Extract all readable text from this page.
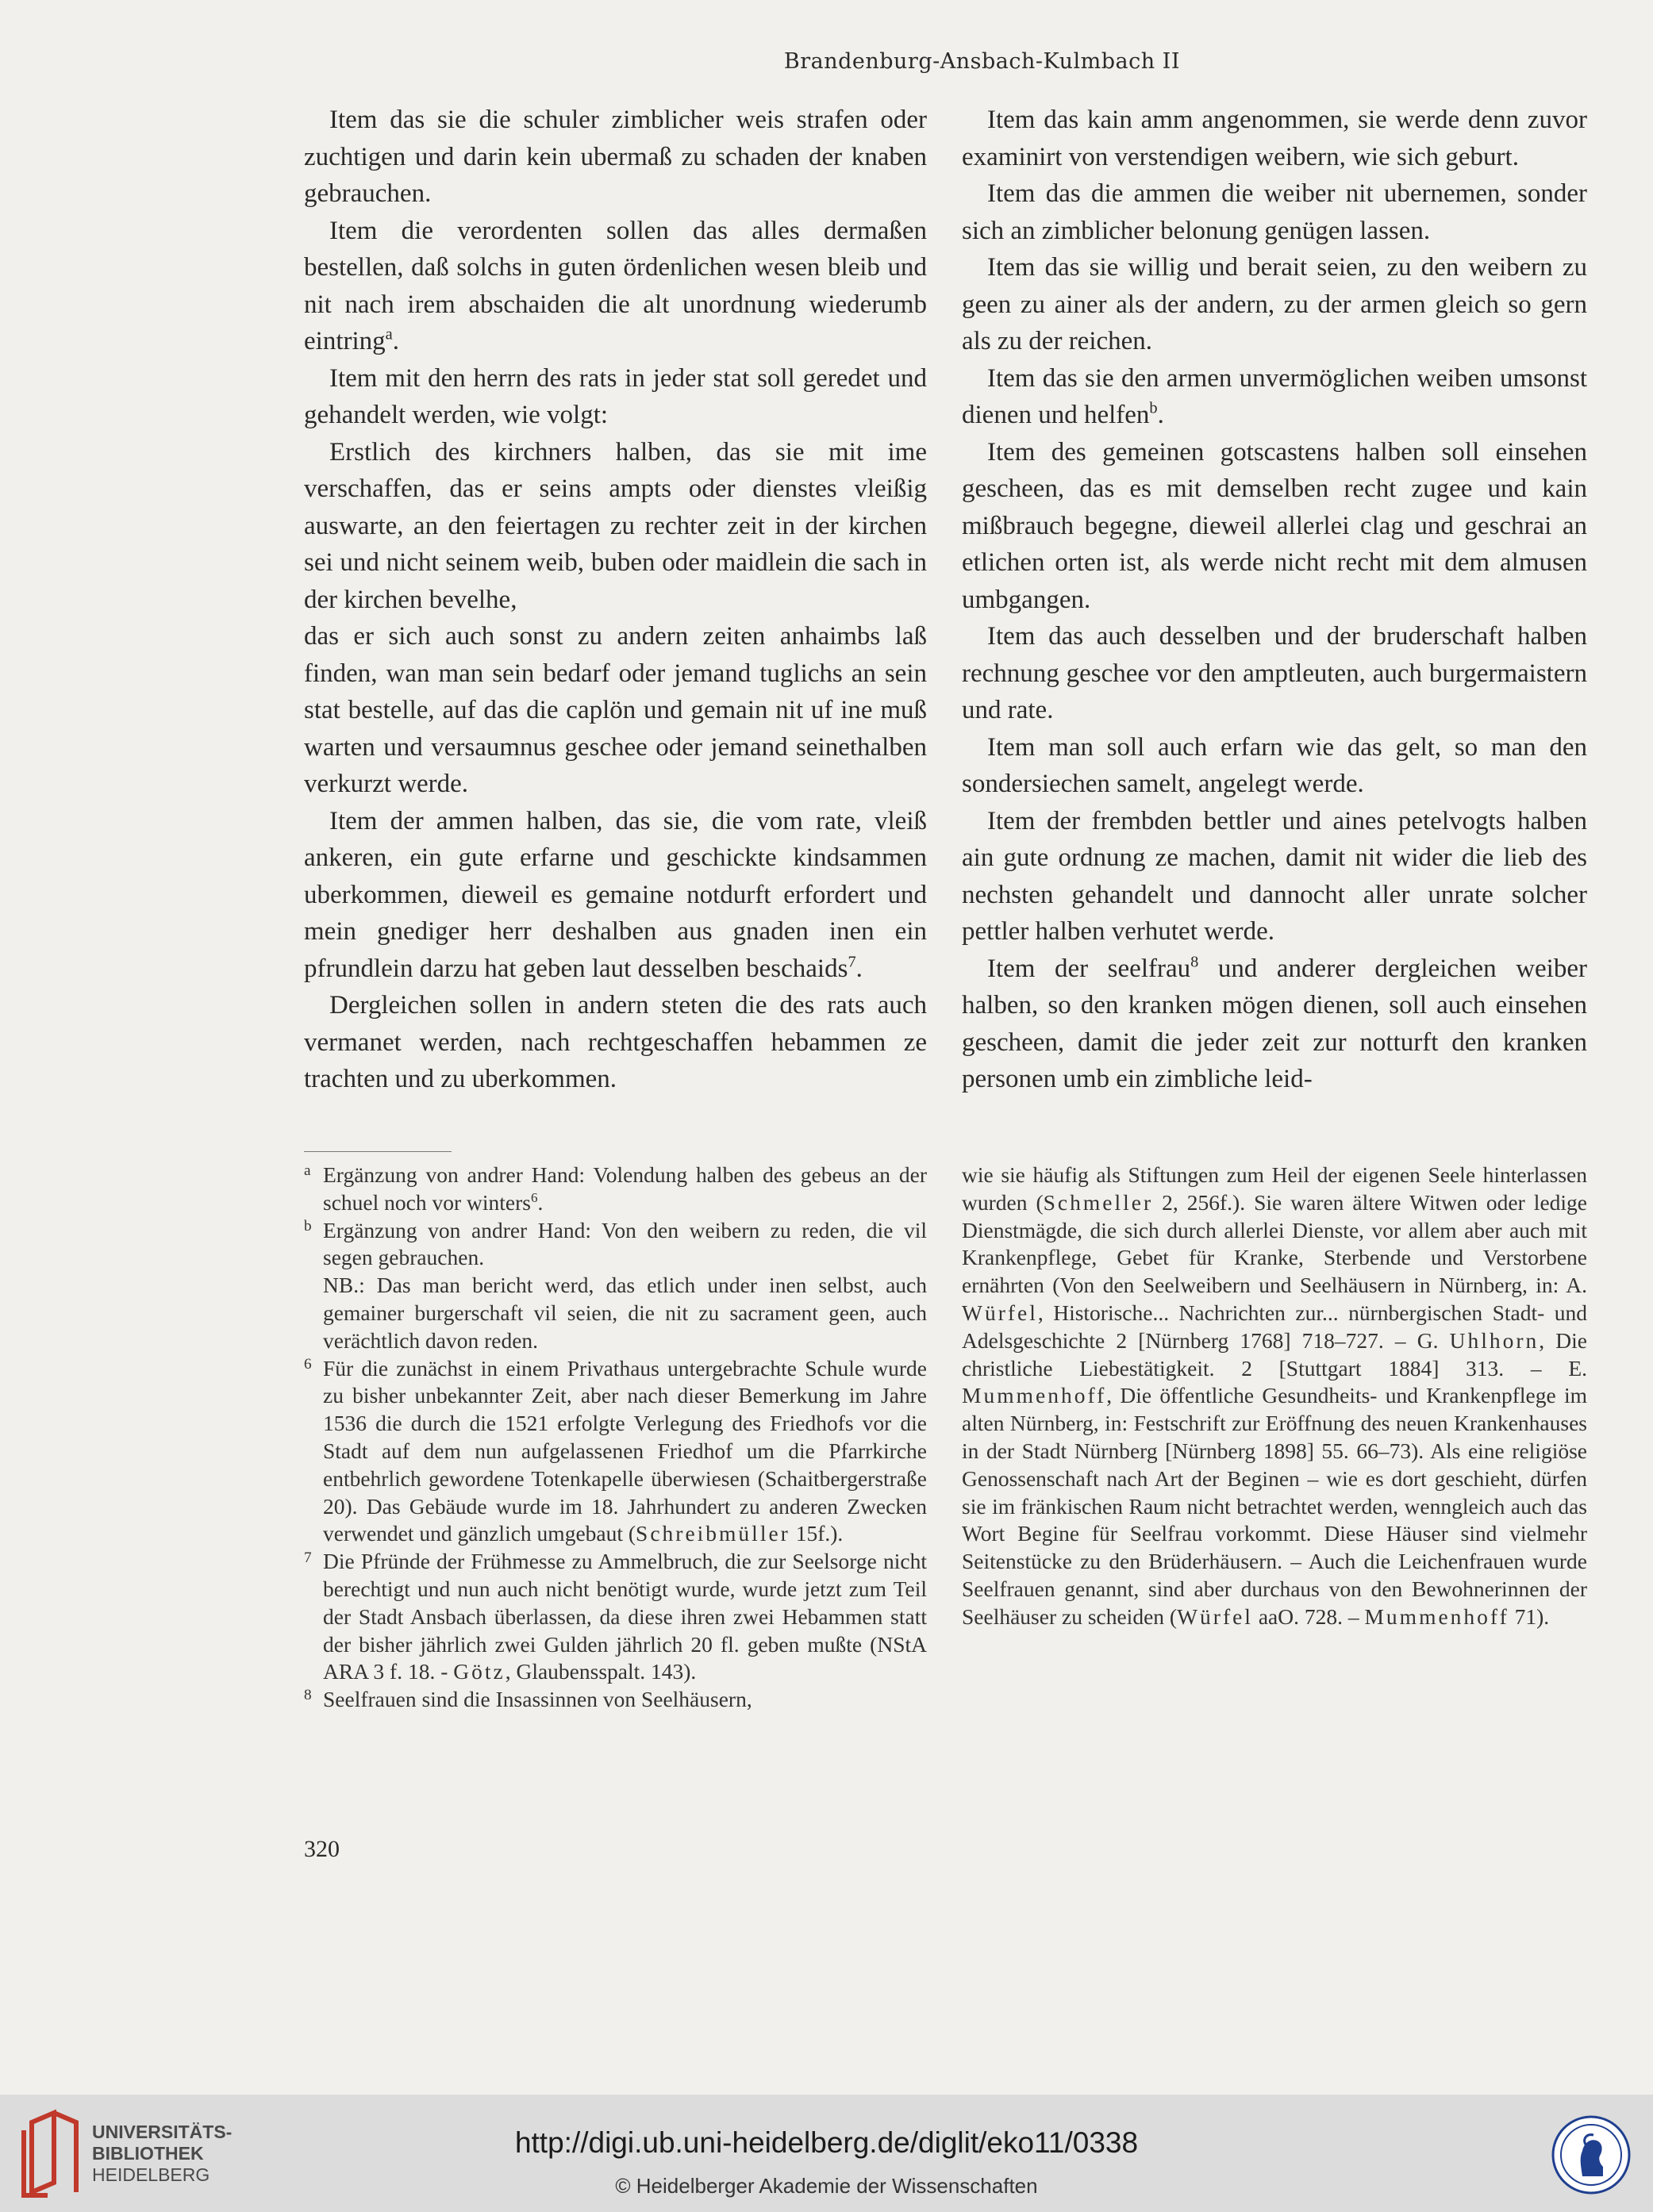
Brandenburg-Ansbach-Kulmbach II

Item das sie die schuler zimblicher weis strafen oder zuchtigen und darin kein ubermaß zu schaden der knaben gebrauchen.

Item die verordenten sollen das alles dermaßen bestellen, daß solchs in guten ördenlichen wesen bleib und nit nach irem abschaiden die alt unordnung wiederumb eintring$^a$.

Item mit den herrn des rats in jeder stat soll geredet und gehandelt werden, wie volgt:

Erstlich des kirchners halben, das sie mit ime verschaffen, das er seins ampts oder dienstes vleißig auswarte, an den feiertagen zu rechter zeit in der kirchen sei und nicht seinem weib, buben oder maidlein die sach in der kirchen bevelhe,

das er sich auch sonst zu andern zeiten anhaimbs laß finden, wan man sein bedarf oder jemand tuglichs an sein stat bestelle, auf das die caplön und gemain nit uf ine muß warten und versaumnus geschee oder jemand seinethalben verkurzt werde.

Item der ammen halben, das sie, die vom rate, vleiß ankeren, ein gute erfarne und geschickte kindsammen uberkommen, dieweil es gemaine notdurft erfordert und mein gnediger herr deshalben aus gnaden inen ein pfrundlein darzu hat geben laut desselben beschaids$^7$.

Dergleichen sollen in andern steten die des rats auch vermanet werden, nach rechtgeschaffen hebammen ze trachten und zu uberkommen.

Item das kain amm angenommen, sie werde denn zuvor examinirt von verstendigen weibern, wie sich geburt.

Item das die ammen die weiber nit ubernemen, sonder sich an zimblicher belonung genügen lassen.

Item das sie willig und berait seien, zu den weibern zu geen zu ainer als der andern, zu der armen gleich so gern als zu der reichen.

Item das sie den armen unvermöglichen weiben umsonst dienen und helfen$^b$.

Item des gemeinen gotscastens halben soll einsehen gescheen, das es mit demselben recht zugee und kain mißbrauch begegne, dieweil allerlei clag und geschrai an etlichen orten ist, als werde nicht recht mit dem almusen umbgangen.

Item das auch desselben und der bruderschaft halben rechnung geschee vor den amptleuten, auch burgermaistern und rate.

Item man soll auch erfarn wie das gelt, so man den sondersiechen samelt, angelegt werde.

Item der frembden bettler und aines petelvogts halben ain gute ordnung ze machen, damit nit wider die lieb des nechsten gehandelt und dannocht aller unrate solcher pettler halben verhutet werde.

Item der seelfrau$^8$ und anderer dergleichen weiber halben, so den kranken mögen dienen, soll auch einsehen gescheen, damit die jeder zeit zur notturft den kranken personen umb ein zimbliche leid-

a Ergänzung von andrer Hand: Volendung halben des gebeus an der schuel noch vor winters$^6$.
b Ergänzung von andrer Hand: Von den weibern zu reden, die vil segen gebrauchen.
NB.: Das man bericht werd, das etlich under inen selbst, auch gemainer burgerschaft vil seien, die nit zu sacrament geen, auch verächtlich davon reden.
6 Für die zunächst in einem Privathaus untergebrachte Schule wurde zu bisher unbekannter Zeit, aber nach dieser Bemerkung im Jahre 1536 die durch die 1521 erfolgte Verlegung des Friedhofs vor die Stadt auf dem nun aufgelassenen Friedhof um die Pfarrkirche entbehrlich gewordene Totenkapelle überwiesen (Schaitbergerstraße 20). Das Gebäude wurde im 18. Jahrhundert zu anderen Zwecken verwendet und gänzlich umgebaut (Schreibmüller 15f.).
7 Die Pfründe der Frühmesse zu Ammelbruch, die zur Seelsorge nicht berechtigt und nun auch nicht benötigt wurde, wurde jetzt zum Teil der Stadt Ansbach überlassen, da diese ihren zwei Hebammen statt der bisher jährlich zwei Gulden jährlich 20 fl. geben mußte (NStA ARA 3 f. 18. - Götz, Glaubensspalt. 143).
8 Seelfrauen sind die Insassinnen von Seelhäusern,
wie sie häufig als Stiftungen zum Heil der eigenen Seele hinterlassen wurden (Schmeller 2, 256f.). Sie waren ältere Witwen oder ledige Dienstmägde, die sich durch allerlei Dienste, vor allem aber auch mit Krankenpflege, Gebet für Kranke, Sterbende und Verstorbene ernährten (Von den Seelweibern und Seelhäusern in Nürnberg, in: A. Würfel, Historische... Nachrichten zur... nürnbergischen Stadt- und Adelsgeschichte 2 [Nürnberg 1768] 718–727. – G. Uhlhorn, Die christliche Liebestätigkeit. 2 [Stuttgart 1884] 313. – E. Mummenhoff, Die öffentliche Gesundheits- und Krankenpflege im alten Nürnberg, in: Festschrift zur Eröffnung des neuen Krankenhauses in der Stadt Nürnberg [Nürnberg 1898] 55. 66–73). Als eine religiöse Genossenschaft nach Art der Beginen – wie es dort geschieht, dürfen sie im fränkischen Raum nicht betrachtet werden, wenngleich auch das Wort Begine für Seelfrau vorkommt. Diese Häuser sind vielmehr Seitenstücke zu den Brüderhäusern. – Auch die Leichenfrauen wurde Seelfrauen genannt, sind aber durchaus von den Bewohnerinnen der Seelhäuser zu scheiden (Würfel aaO. 728. – Mummenhoff 71).
320
UNIVERSITÄTS-
BIBLIOTHEK
HEIDELBERG
http://digi.ub.uni-heidelberg.de/diglit/eko11/0338
© Heidelberger Akademie der Wissenschaften
